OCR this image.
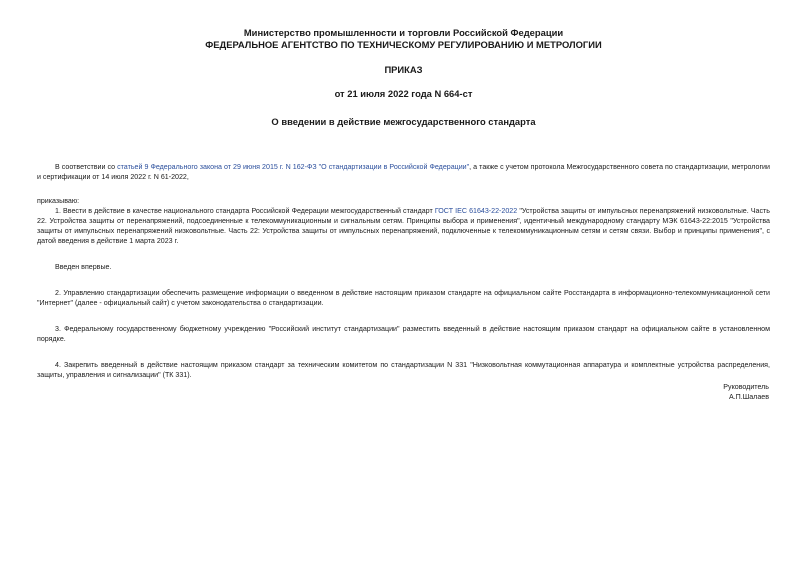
Министерство промышленности и торговли Российской Федерации
ФЕДЕРАЛЬНОЕ АГЕНТСТВО ПО ТЕХНИЧЕСКОМУ РЕГУЛИРОВАНИЮ И МЕТРОЛОГИИ
ПРИКАЗ
от 21 июля 2022 года N 664-ст
О введении в действие межгосударственного стандарта

В соответствии со статьей 9 Федерального закона от 29 июня 2015 г. N 162-ФЗ "О стандартизации в Российской Федерации", а также с учетом протокола Межгосударственного совета по стандартизации, метрологии и сертификации от 14 июля 2022 г. N 61-2022,

приказываю:

1. Ввести в действие в качестве национального стандарта Российской Федерации межгосударственный стандарт ГОСТ IEC 61643-22-2022 "Устройства защиты от импульсных перенапряжений низковольтные. Часть 22. Устройства защиты от перенапряжений, подсоединенные к телекоммуникационным и сигнальным сетям. Принципы выбора и применения", идентичный международному стандарту МЭК 61643-22:2015 "Устройства защиты от импульсных перенапряжений низковольтные. Часть 22: Устройства защиты от импульсных перенапряжений, подключенные к телекоммуникационным сетям и сетям связи. Выбор и принципы применения", с датой введения в действие 1 марта 2023 г.

Введен впервые.

2. Управлению стандартизации обеспечить размещение информации о введенном в действие настоящим приказом стандарте на официальном сайте Росстандарта в информационно-телекоммуникационной сети "Интернет" (далее - официальный сайт) с учетом законодательства о стандартизации.

3. Федеральному государственному бюджетному учреждению "Российский институт стандартизации" разместить введенный в действие настоящим приказом стандарт на официальном сайте в установленном порядке.

4. Закрепить введенный в действие настоящим приказом стандарт за техническим комитетом по стандартизации N 331 "Низковольтная коммутационная аппаратура и комплектные устройства распределения, защиты, управления и сигнализации" (ТК 331).

Руководитель
А.П.Шалаев
